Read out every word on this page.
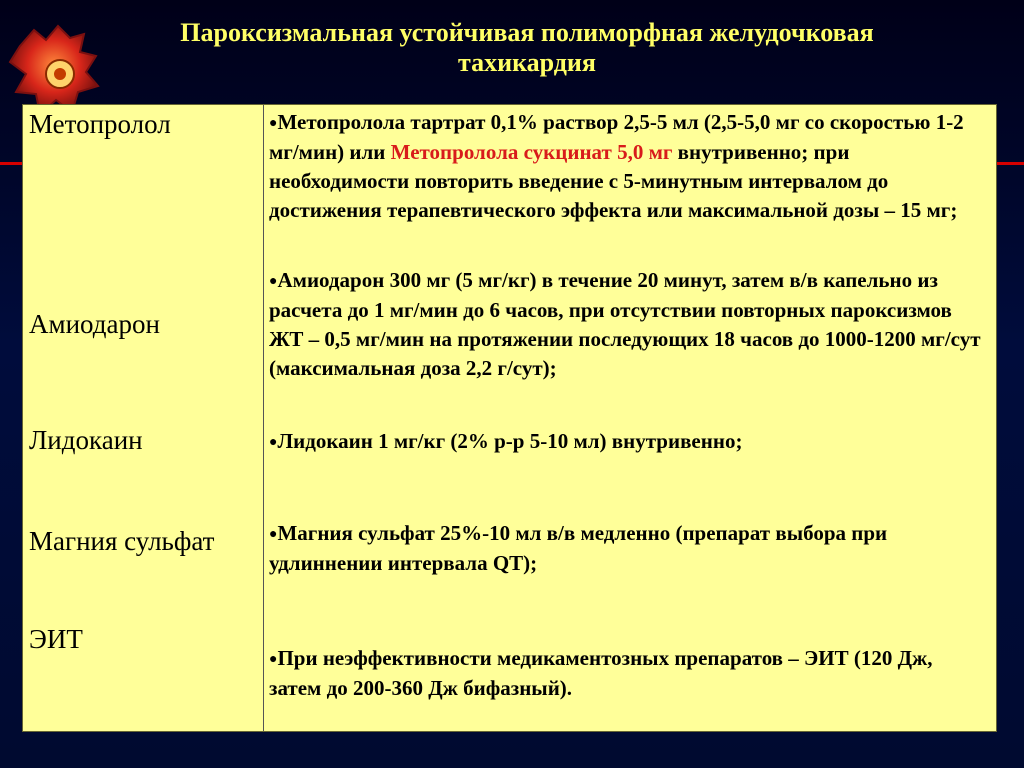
Пароксизмальная устойчивая полиморфная желудочковая
тахикардия
Метопролол
Амиодарон
Лидокаин
Магния сульфат
ЭИТ
●Метопролола тартрат 0,1% раствор 2,5-5 мл (2,5-5,0 мг со скоростью 1-2 мг/мин) или Метопролола сукцинат 5,0 мг внутривенно; при необходимости повторить введение с 5-минутным интервалом до достижения терапевтического эффекта или максимальной дозы – 15 мг;
●Амиодарон 300 мг (5 мг/кг) в течение 20 минут, затем в/в капельно из расчета до 1 мг/мин до 6 часов, при отсутствии повторных пароксизмов ЖТ – 0,5 мг/мин на протяжении последующих 18 часов до 1000-1200 мг/сут (максимальная доза 2,2 г/сут);
●Лидокаин 1 мг/кг (2% р-р 5-10 мл) внутривенно;
●Магния сульфат 25%-10 мл в/в медленно (препарат выбора при удлиннении интервала QT);
●При неэффективности медикаментозных препаратов – ЭИТ (120 Дж, затем до 200-360 Дж бифазный).
